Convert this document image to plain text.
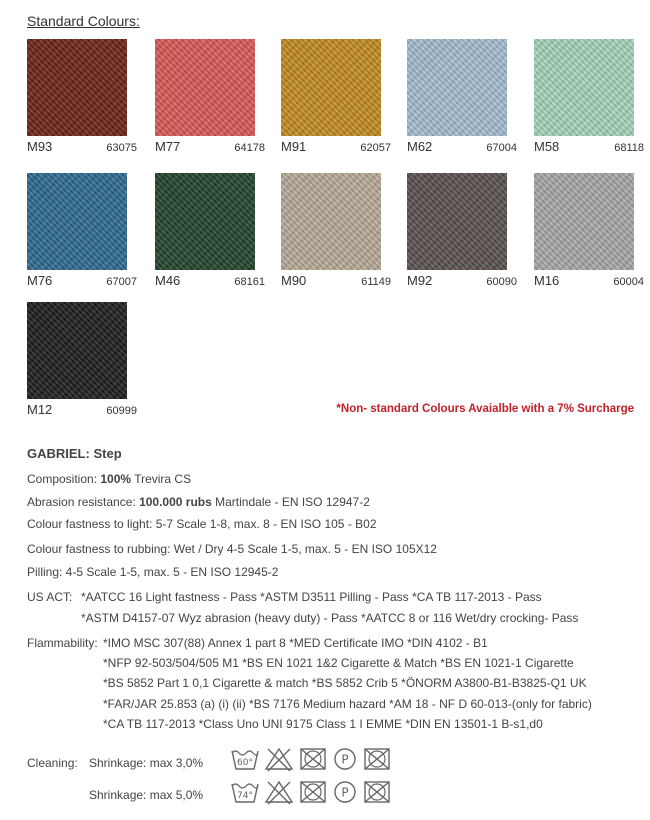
Standard Colours:
M93	63075 M77	64178 M91	62057 M62	67004 M58	68118
M76	67007 M46	68161 M90	61149 M92	60090 M16	60004
M12	60999	*Non- standard Colours Avaialble with a 7% Surcharge
GABRIEL: Step
Composition: 100% Trevira CS
Abrasion resistance: 100.000 rubs Martindale - EN ISO 12947-2
Colour fastness to light: 5-7 Scale 1-8, max. 8 - EN ISO 105 - B02
Colour fastness to rubbing: Wet / Dry 4-5 Scale 1-5, max. 5 - EN ISO 105X12
Pilling: 4-5 Scale 1-5, max. 5 - EN ISO 12945-2
US ACT: *AATCC 16 Light fastness - Pass *ASTM D3511 Pilling - Pass *CA TB 117-2013 - Pass
*ASTM D4157-07 Wyz abrasion (heavy duty) - Pass *AATCC 8 or 116 Wet/dry crocking- Pass
Flammability: *IMO MSC 307(88) Annex 1 part 8 *MED Certificate IMO *DIN 4102 - B1
*NFP 92-503/504/505 M1 *BS EN 1021 1&2 Cigarette & Match *BS EN 1021-1 Cigarette
*BS 5852 Part 1 0,1 Cigarette & match *BS 5852 Crib 5 *ÖNORM A3800-B1-B3825-Q1 UK
*FAR/JAR 25.853 (a) (i) (ii) *BS 7176 Medium hazard *AM 18 - NF D 60-013-(only for fabric)
*CA TB 117-2013 *Class Uno UNI 9175 Class 1 I EMME *DIN EN 13501-1 B-s1,d0
Cleaning: Shrinkage: max 3,0%
Shrinkage: max 5,0%
60°	P
74°	P
